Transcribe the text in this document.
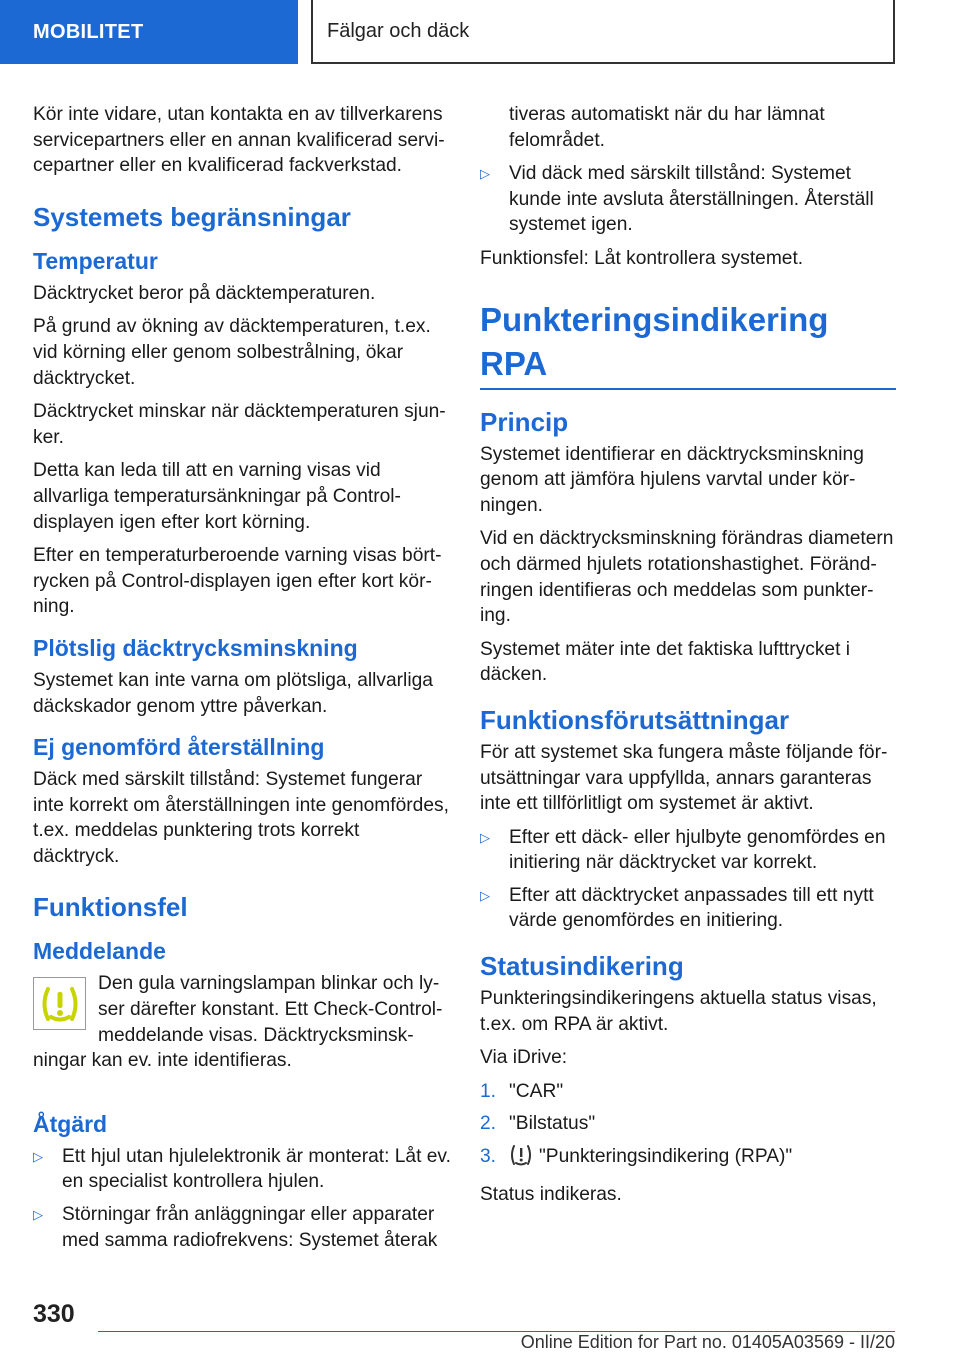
MOBILITET	Fälgar och däck

Kör inte vidare, utan kontakta en av tillverkarens servicepartners eller en annan kvalificerad servicepartner eller en kvalificerad fackverkstad.

Systemets begränsningar
Temperatur

Däcktrycket beror på däcktemperaturen.

På grund av ökning av däcktemperaturen, t.ex. vid körning eller genom solbestrålning, ökar däcktrycket.

Däcktrycket minskar när däcktemperaturen sjunker.

Detta kan leda till att en varning visas vid allvarliga temperatursänkningar på Control-displayen igen efter kort körning.

Efter en temperaturberoende varning visas börtrycken på Control-displayen igen efter kort körning.

Plötslig däcktrycksminskning

Systemet kan inte varna om plötsliga, allvarliga däckskador genom yttre påverkan.

Ej genomförd återställning

Däck med särskilt tillstånd: Systemet fungerar inte korrekt om återställningen inte genomfördes, t.ex. meddelas punktering trots korrekt däcktryck.

Funktionsfel
Meddelande

Den gula varningslampan blinkar och lyser därefter konstant. Ett Check-Control-meddelande visas. Däcktrycksminskningar kan ev. inte identifieras.

Åtgärd
▷ Ett hjul utan hjulelektronik är monterat: Låt ev. en specialist kontrollera hjulen.
▷ Störningar från anläggningar eller apparater med samma radiofrekvens: Systemet återak

tiveras automatiskt när du har lämnat felområdet.

▷ Vid däck med särskilt tillstånd: Systemet kunde inte avsluta återställningen. Återställ systemet igen.

Funktionsfel: Låt kontrollera systemet.

Punkteringsindikering RPA
Princip

Systemet identifierar en däcktrycksminskning genom att jämföra hjulens varvtal under körningen.

Vid en däcktrycksminskning förändras diametern och därmed hjulets rotationshastighet. Förändringen identifieras och meddelas som punktering.

Systemet mäter inte det faktiska lufttrycket i däcken.

Funktionsförutsättningar

För att systemet ska fungera måste följande förutsättningar vara uppfyllda, annars garanteras inte ett tillförlitligt om systemet är aktivt.

▷ Efter ett däck- eller hjulbyte genomfördes en initiering när däcktrycket var korrekt.
▷ Efter att däcktrycket anpassades till ett nytt värde genomfördes en initiering.
Statusindikering

Punkteringsindikeringens aktuella status visas, t.ex. om RPA är aktivt.

Via iDrive:

1. "CAR"
2. "Bilstatus"
3. "Punkteringsindikering (RPA)"

Status indikeras.

330
Online Edition for Part no. 01405A03569 - II/20
